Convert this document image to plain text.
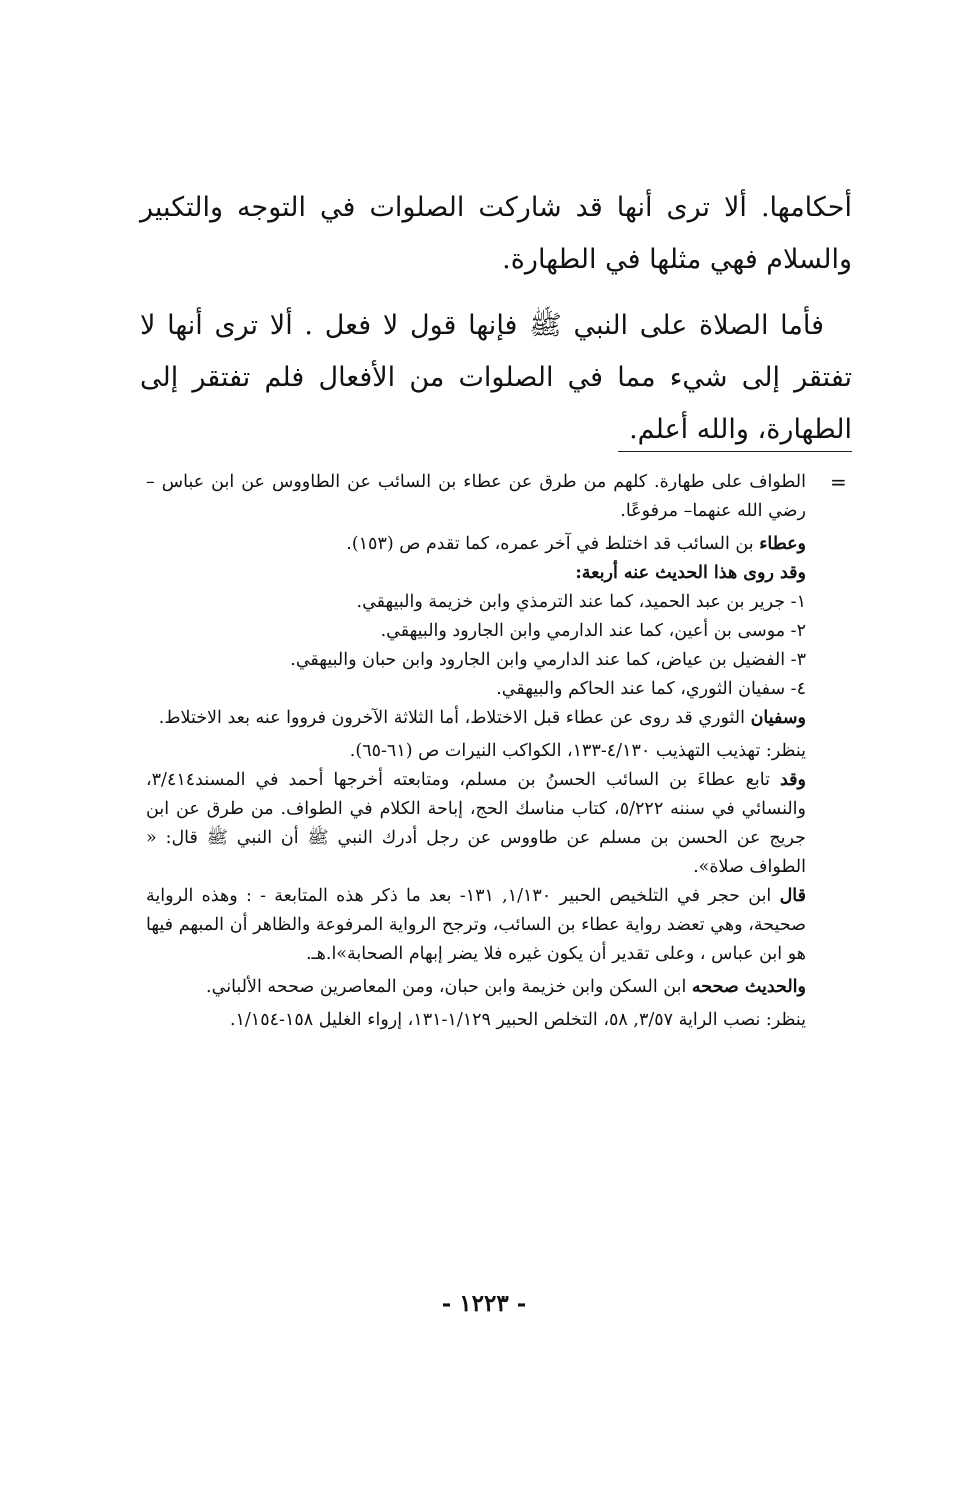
أحكامها. ألا ترى أنها قد شاركت الصلوات في التوجه والتكبير والسلام فهي مثلها في الطهارة.

فأما الصلاة على النبي ﷺ فإنها قول لا فعل . ألا ترى أنها لا تفتقر إلى شيء مما في الصلوات من الأفعال فلم تفتقر إلى الطهارة، والله أعلم.

=

الطواف على طهارة. كلهم من طرق عن عطاء بن السائب عن الطاووس عن ابن عباس – رضي الله عنهما– مرفوعًا.

وعطاء بن السائب قد اختلط في آخر عمره، كما تقدم ص (١٥٣).

وقد روى هذا الحديث عنه أربعة:

١- جرير بن عبد الحميد، كما عند الترمذي وابن خزيمة والبيهقي.

٢- موسى بن أعين، كما عند الدارمي وابن الجارود والبيهقي.

٣- الفضيل بن عياض، كما عند الدارمي وابن الجارود وابن حبان والبيهقي.

٤- سفيان الثوري، كما عند الحاكم والبيهقي.

وسفيان الثوري قد روى عن عطاء قبل الاختلاط، أما الثلاثة الآخرون فرووا عنه بعد الاختلاط.

ينظر: تهذيب التهذيب ٤/١٣٠-١٣٣، الكواكب النيرات ص (٦١-٦٥).

وقد تابع عطاءَ بن السائب الحسنُ بن مسلم، ومتابعته أخرجها أحمد في المسند٣/٤١٤، والنسائي في سننه ٥/٢٢٢، كتاب مناسك الحج، إباحة الكلام في الطواف. من طرق عن ابن جريج عن الحسن بن مسلم عن طاووس عن رجل أدرك النبي ﷺ أن النبي ﷺ قال: « الطواف صلاة».

قال ابن حجر في التلخيص الحبير ١/١٣٠, ١٣١- بعد ما ذكر هذه المتابعة - : وهذه الرواية صحيحة، وهي تعضد رواية عطاء بن السائب، وترجح الرواية المرفوعة والظاهر أن المبهم فيها هو ابن عباس ، وعلى تقدير أن يكون غيره فلا يضر إبهام الصحابة»ا.هـ.

والحديث صححه ابن السكن وابن خزيمة وابن حبان، ومن المعاصرين صححه الألباني.

ينظر: نصب الراية ٣/٥٧, ٥٨، التخلص الحبير ١/١٢٩-١٣١، إرواء الغليل ١٥٨-١/١٥٤.

- ١٢٢٣ -
